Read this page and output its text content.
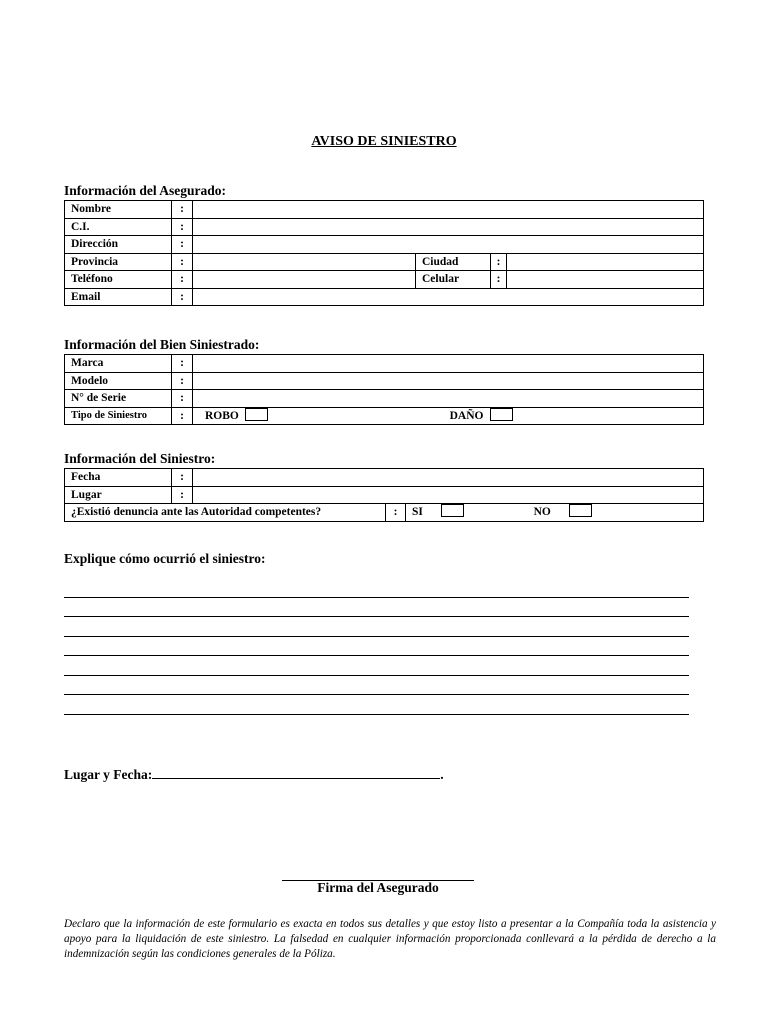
AVISO DE SINIESTRO
Información del Asegurado:
Nombre	:				
C.I.	:				
Dirección	:				
Provincia	:		Ciudad	:	
Teléfono	:		Celular	:	
Email	:				
Información del Bien Siniestrado:
Marca	:	
Modelo	:	
N° de Serie	:	
Tipo de Siniestro	:	ROBO DAÑO
Información del Siniestro:
Fecha	:			
Lugar	:			
¿Existió denuncia ante las Autoridad competentes?			:	SI NO
Explique cómo ocurrió el siniestro:
Lugar y Fecha:	.
Firma del Asegurado
Declaro que la información de este formulario es exacta en todos sus detalles y que estoy listo a presentar a la Compañía toda la asistencia y apoyo para la liquidación de este siniestro. La falsedad en cualquier información proporcionada conllevará a la pérdida de derecho a la indemnización según las condiciones generales de la Póliza.
